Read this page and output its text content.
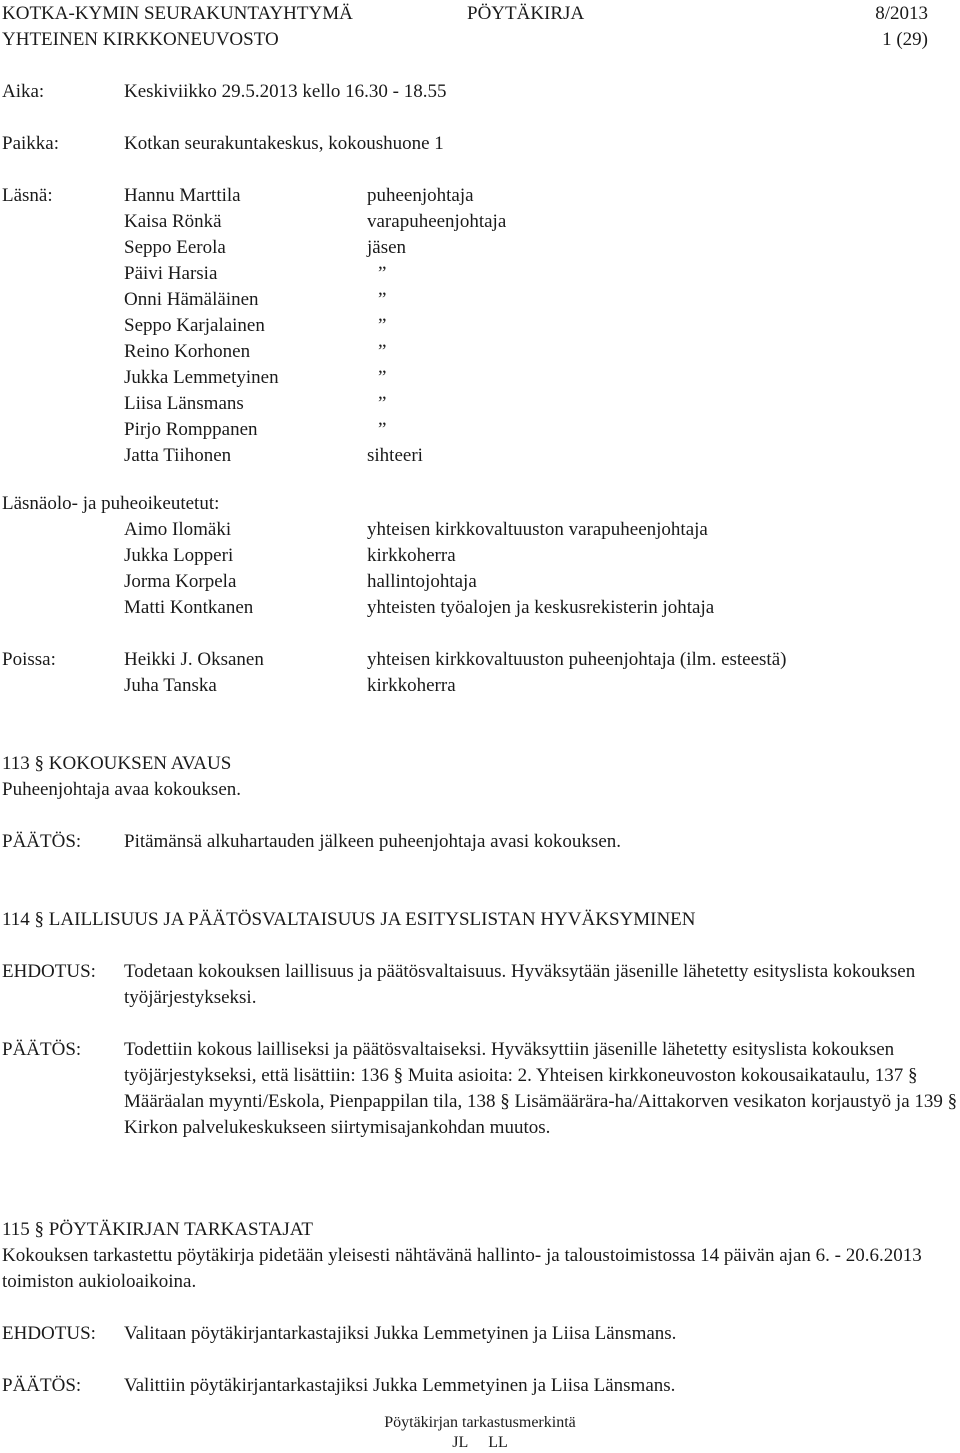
KOTKA-KYMIN SEURAKUNTAYHTYMÄ
YHTEINEN KIRKKONEUVOSTO
PÖYTÄKIRJA	8/2013
1 (29)
Aika:	Keskiviikko 29.5.2013 kello 16.30 - 18.55
Paikka:	Kotkan seurakuntakeskus, kokoushuone 1
Läsnä:	Hannu Marttila	puheenjohtaja
Kaisa Rönkä	varapuheenjohtaja
Seppo Eerola	jäsen
Päivi Harsia	”
Onni Hämäläinen	”
Seppo Karjalainen	”
Reino Korhonen	”
Jukka Lemmetyinen	”
Liisa Länsmans	”
Pirjo Romppanen	”
Jatta Tiihonen	sihteeri
Läsnäolo- ja puheoikeutetut:
Aimo Ilomäki	yhteisen kirkkovaltuuston varapuheenjohtaja
Jukka Lopperi	kirkkoherra
Jorma Korpela	hallintojohtaja
Matti Kontkanen	yhteisten työalojen ja keskusrekisterin johtaja
Poissa:	Heikki J. Oksanen	yhteisen kirkkovaltuuston puheenjohtaja (ilm. esteestä)
Juha Tanska	kirkkoherra
113 § KOKOUKSEN AVAUS
Puheenjohtaja avaa kokouksen.
PÄÄTÖS: Pitämänsä alkuhartauden jälkeen puheenjohtaja avasi kokouksen.
114 § LAILLISUUS JA PÄÄTÖSVALTAISUUS JA ESITYSLISTAN HYVÄKSYMINEN
EHDOTUS: Todetaan kokouksen laillisuus ja päätösvaltaisuus. Hyväksytään jäsenille lähetetty esityslista kokouksen työjärjestykseksi.
PÄÄTÖS: Todettiin kokous lailliseksi ja päätösvaltaiseksi. Hyväksyttiin jäsenille lähetetty esityslista kokouksen työjärjestykseksi, että lisättiin: 136 § Muita asioita: 2. Yhteisen kirkkoneuvoston kokousaikataulu, 137 § Määräalan myynti/Eskola, Pienpappilan tila, 138 § Lisämäärära-ha/Aittakorven vesikaton korjaustyö ja 139 § Kirkon palvelukeskukseen siirtymisajankohdan muutos.
115 § PÖYTÄKIRJAN TARKASTAJAT
Kokouksen tarkastettu pöytäkirja pidetään yleisesti nähtävänä hallinto- ja taloustoimistossa 14 päivän ajan 6. - 20.6.2013 toimiston aukioloaikoina.
EHDOTUS: Valitaan pöytäkirjantarkastajiksi Jukka Lemmetyinen ja Liisa Länsmans.
PÄÄTÖS: Valittiin pöytäkirjantarkastajiksi Jukka Lemmetyinen ja Liisa Länsmans.
Pöytäkirjan tarkastusmerkintä
JL LL
